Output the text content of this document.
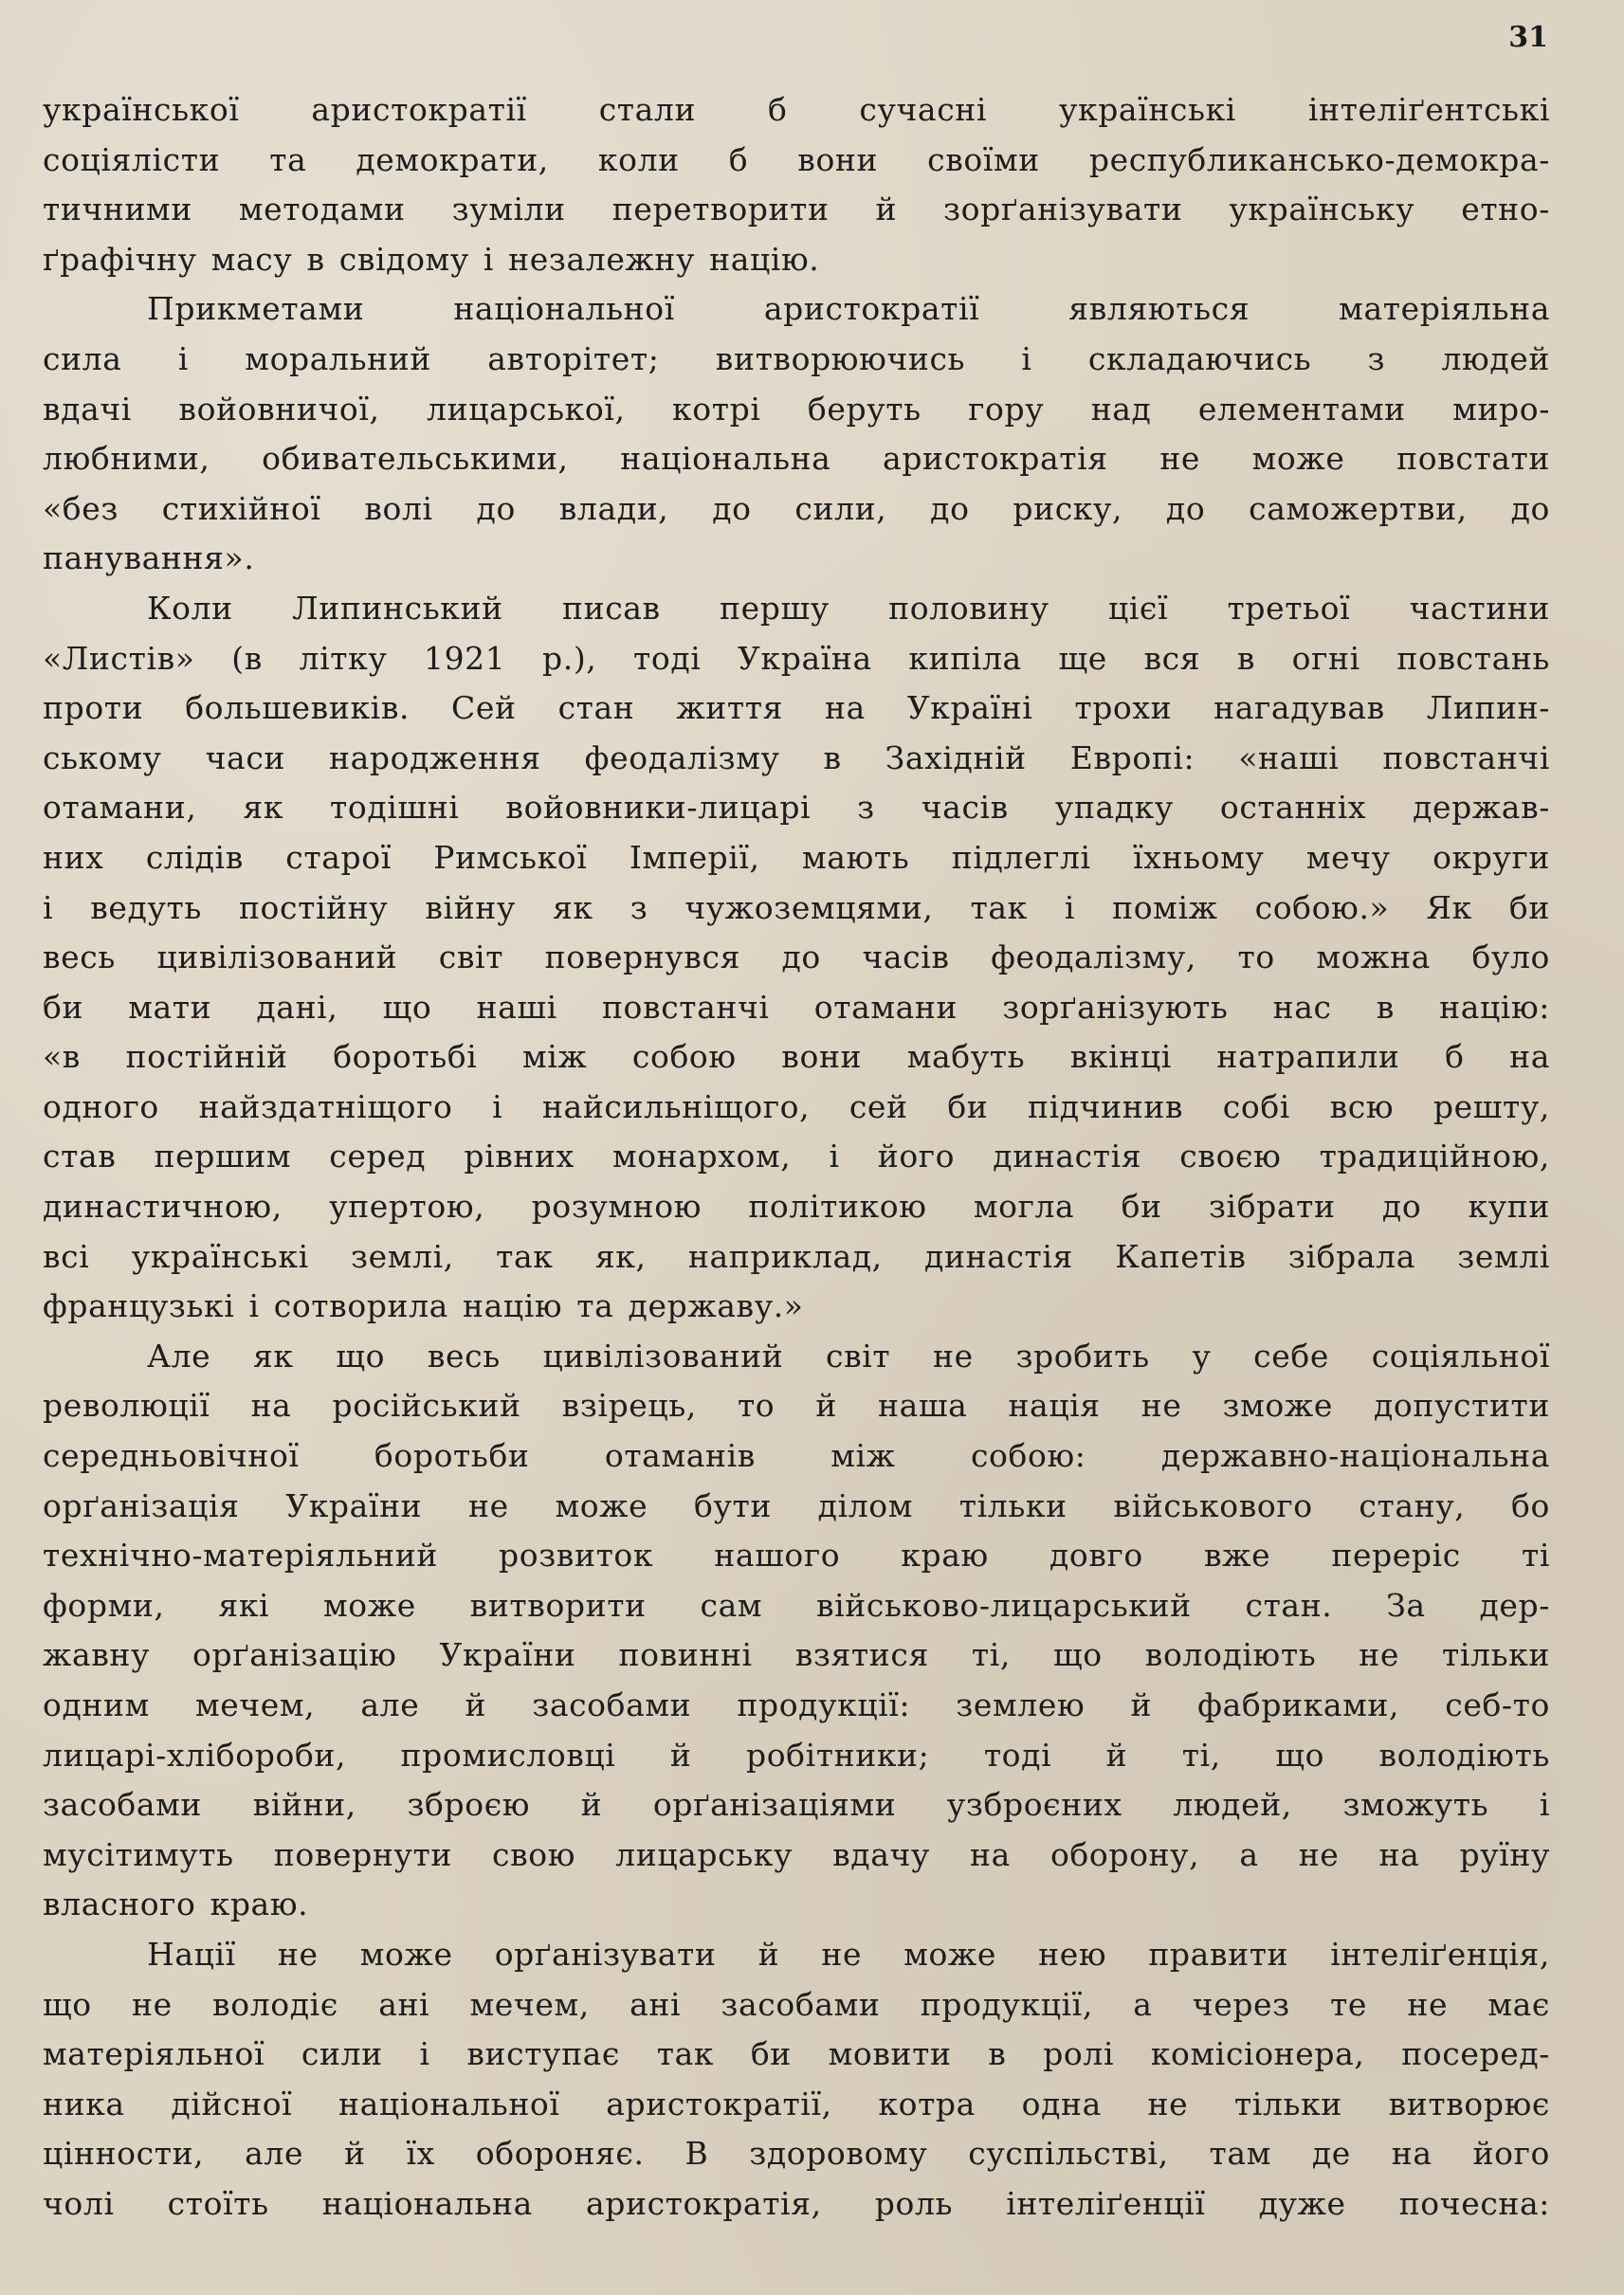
31
української аристократії стали б сучасні українські інтеліґентські
соціялісти та демократи, коли б вони своїми республиканськo-демокра-
тичними методами зуміли перетворити й зорґанізувати українську етно-
ґрафічну масу в свідому і незалежну націю.
Прикметами національної аристократії являються матеріяльна
сила і моральний авторітет; витворюючись і складаючись з людей
вдачі войовничої, лицарської, котрі беруть гору над елементами миро-
любними, обивательськими, національна аристократія не може повстати
«без стихійної волі до влади, до сили, до риску, до саможертви, до
панування».
Коли Липинський писав першу половину цієї третьої частини
«Листів» (в літку 1921 р.), тоді Україна кипіла ще вся в огні повстань
проти большевиків. Сей стан життя на Україні трохи нагадував Липин-
ському часи народження феодалізму в Західній Европі: «наші повстанчі
отамани, як тодішні войовники-лицарі з часів упадку останніх держав-
них слідів старої Римської Імперії, мають підлеглі їхньому мечу округи
і ведуть постійну війну як з чужоземцями, так і поміж собою.» Як би
весь цивілізований світ повернувся до часів феодалізму, то можна було
би мати дані, що наші повстанчі отамани зорґанізують нас в націю:
«в постійній боротьбі між собою вони мабуть вкінці натрапили б на
одного найздатніщого і найсильніщого, сей би підчинив собі всю решту,
став першим серед рівних монархом, і його династія своєю традиційною,
династичною, упертою, розумною політикою могла би зібрати до купи
всі українські землі, так як, наприклад, династія Капетів зібрала землі
французькі і сотворила націю та державу.»
Але як що весь цивілізований світ не зробить у себе соціяльної
революції на російський взірець, то й наша нація не зможе допустити
середньовічної боротьби отаманів між собою: державно-національна
орґанізація України не може бути ділом тільки військового стану, бо
технічно-матеріяльний розвиток нашого краю довго вже переріс ті
форми, які може витворити сам військово-лицарський стан. За дер-
жавну орґанізацію України повинні взятися ті, що володіють не тільки
одним мечем, але й засобами продукції: землею й фабриками, себ-то
лицарі-хлібороби, промисловці й робітники; тоді й ті, що володіють
засобами війни, зброєю й орґанізаціями узброєних людей, зможуть і
мусітимуть повернути свою лицарську вдачу на оборону, а не на руїну
власного краю.
Нації не може орґанізувати й не може нею правити інтеліґенція,
що не володіє ані мечем, ані засобами продукції, а через те не має
матеріяльної сили і виступає так би мовити в ролі комісіонера, посеред-
ника дійсної національної аристократії, котра одна не тільки витворює
цінности, але й їх обороняє. В здоровому суспільстві, там де на його
чолі стоїть національна аристократія, роль інтеліґенції дуже почесна:
